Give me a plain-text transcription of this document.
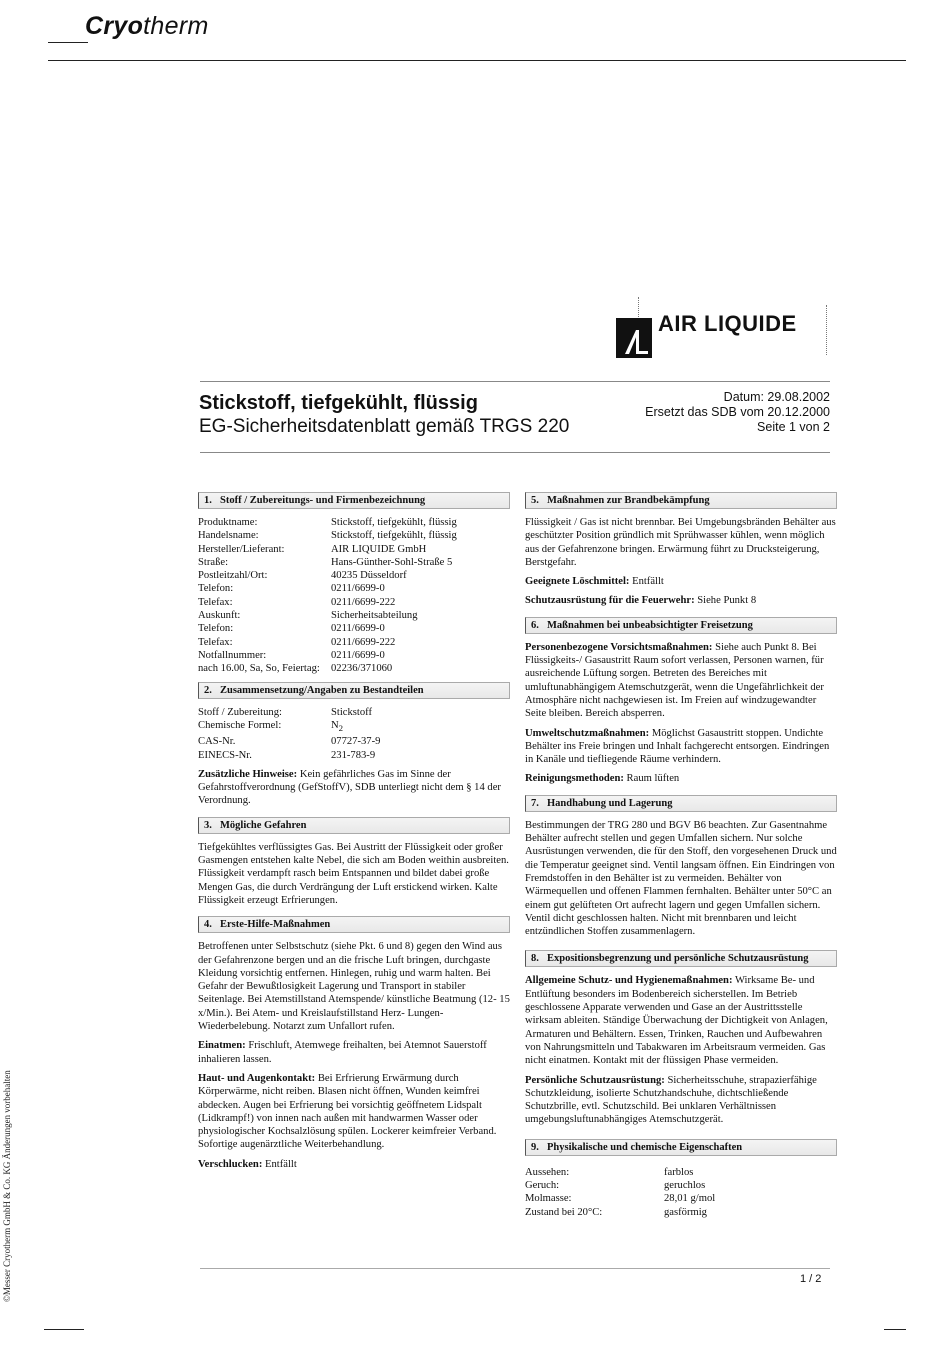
Cryotherm
AIR LIQUIDE
Stickstoff, tiefgekühlt, flüssig
EG-Sicherheitsdatenblatt gemäß TRGS 220
Datum: 29.08.2002
Ersetzt das SDB vom 20.12.2000
Seite 1 von 2
1. Stoff / Zubereitungs- und Firmenbezeichnung
Produktname:	Stickstoff, tiefgekühlt, flüssig
Handelsname:	Stickstoff, tiefgekühlt, flüssig
Hersteller/Lieferant:	AIR LIQUIDE GmbH
Straße:	Hans-Günther-Sohl-Straße 5
Postleitzahl/Ort:	40235 Düsseldorf
Telefon:	0211/6699-0
Telefax:	0211/6699-222
Auskunft:	Sicherheitsabteilung
Telefon:	0211/6699-0
Telefax:	0211/6699-222
Notfallnummer:	0211/6699-0
nach 16.00, Sa, So, Feiertag:	02236/371060
2. Zusammensetzung/Angaben zu Bestandteilen
Stoff / Zubereitung:	Stickstoff
Chemische Formel:	$N_2$
CAS-Nr.	07727-37-9
EINECS-Nr.	231-783-9

Zusätzliche Hinweise: Kein gefährliches Gas im Sinne der Gefahrstoffverordnung (GefStoffV), SDB unterliegt nicht dem § 14 der Verordnung.

3. Mögliche Gefahren

Tiefgekühltes verflüssigtes Gas. Bei Austritt der Flüssigkeit oder großer Gasmengen entstehen kalte Nebel, die sich am Boden weithin ausbreiten. Flüssigkeit verdampft rasch beim Entspannen und bildet dabei große Mengen Gas, die durch Verdrängung der Luft erstickend wirken. Kalte Flüssigkeit erzeugt Erfrierungen.

4. Erste-Hilfe-Maßnahmen

Betroffenen unter Selbstschutz (siehe Pkt. 6 und 8) gegen den Wind aus der Gefahrenzone bergen und an die frische Luft bringen, durchgaste Kleidung vorsichtig entfernen. Hinlegen, ruhig und warm halten. Bei Gefahr der Bewußtlosigkeit Lagerung und Transport in stabiler Seitenlage. Bei Atemstillstand Atemspende/ künstliche Beatmung (12- 15 x/Min.). Bei Atem- und Kreislaufstillstand Herz- Lungen-Wiederbelebung. Notarzt zum Unfallort rufen.

Einatmen: Frischluft, Atemwege freihalten, bei Atemnot Sauerstoff inhalieren lassen.

Haut- und Augenkontakt: Bei Erfrierung Erwärmung durch Körperwärme, nicht reiben. Blasen nicht öffnen, Wunden keimfrei abdecken. Augen bei Erfrierung bei vorsichtig geöffnetem Lidspalt (Lidkrampf!) von innen nach außen mit handwarmen Wasser oder physiologischer Kochsalzlösung spülen. Lockerer keimfreier Verband. Sofortige augenärztliche Weiterbehandlung.

Verschlucken: Entfällt

5. Maßnahmen zur Brandbekämpfung

Flüssigkeit / Gas ist nicht brennbar. Bei Umgebungsbränden Behälter aus geschützter Position gründlich mit Sprühwasser kühlen, wenn möglich aus der Gefahrenzone bringen. Erwärmung führt zu Drucksteigerung, Berstgefahr.

Geeignete Löschmittel: Entfällt

Schutzausrüstung für die Feuerwehr: Siehe Punkt 8

6. Maßnahmen bei unbeabsichtigter Freisetzung

Personenbezogene Vorsichtsmaßnahmen: Siehe auch Punkt 8. Bei Flüssigkeits-/ Gasaustritt Raum sofort verlassen, Personen warnen, für ausreichende Lüftung sorgen. Betreten des Bereiches mit umluftunabhängigem Atemschutzgerät, wenn die Ungefährlichkeit der Atmosphäre nicht nachgewiesen ist. Im Freien auf windzugewandter Seite bleiben. Bereich absperren.

Umweltschutzmaßnahmen: Möglichst Gasaustritt stoppen. Undichte Behälter ins Freie bringen und Inhalt fachgerecht entsorgen. Eindringen in Kanäle und tiefliegende Räume verhindern.

Reinigungsmethoden: Raum lüften

7. Handhabung und Lagerung

Bestimmungen der TRG 280 und BGV B6 beachten. Zur Gasentnahme Behälter aufrecht stellen und gegen Umfallen sichern. Nur solche Ausrüstungen verwenden, die für den Stoff, den vorgesehenen Druck und die Temperatur geeignet sind. Ventil langsam öffnen. Ein Eindringen von Fremdstoffen in den Behälter ist zu vermeiden. Behälter von Wärmequellen und offenen Flammen fernhalten. Behälter unter 50°C an einem gut gelüfteten Ort aufrecht lagern und gegen Umfallen sichern. Ventil dicht geschlossen halten. Nicht mit brennbaren und leicht entzündlichen Stoffen zusammenlagern.

8. Expositionsbegrenzung und persönliche Schutzausrüstung

Allgemeine Schutz- und Hygienemaßnahmen: Wirksame Be- und Entlüftung besonders im Bodenbereich sicherstellen. Im Betrieb geschlossene Apparate verwenden und Gase an der Austrittsstelle wirksam ableiten. Ständige Überwachung der Dichtigkeit von Anlagen, Armaturen und Behältern. Essen, Trinken, Rauchen und Aufbewahren von Nahrungsmitteln und Tabakwaren im Arbeitsraum vermeiden. Gas nicht einatmen. Kontakt mit der flüssigen Phase vermeiden.

Persönliche Schutzausrüstung: Sicherheitsschuhe, strapazierfähige Schutzkleidung, isolierte Schutzhandschuhe, dichtschließende Schutzbrille, evtl. Schutzschild. Bei unklaren Verhältnissen umgebungsluftunabhängiges Atemschutzgerät.

9. Physikalische und chemische Eigenschaften
Aussehen:	farblos
Geruch:	geruchlos
Molmasse:	28,01 g/mol
Zustand bei 20°C:	gasförmig
1 / 2
©Messer Cryotherm GmbH & Co. KG Änderungen vorbehalten
